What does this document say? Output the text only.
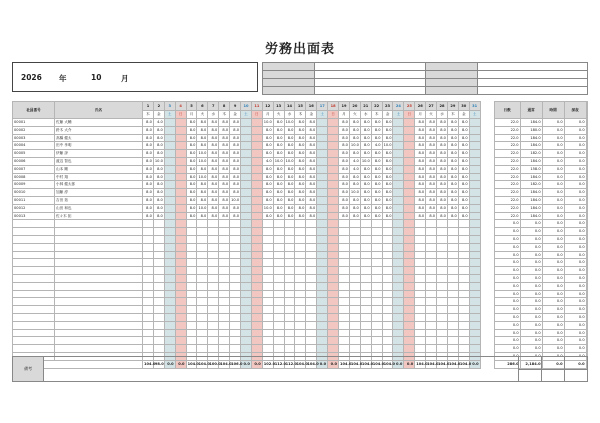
労務出面表
2026 年	10	月

社員番号	氏名	1	2	3	4	5	6	7	8	9	10	11	12	13	14	15	16	17	18	19	20	21	22	23	24	25	26	27	28	29	30	31		日数	通常	時間	深夜	
		木	金	土	日	月	火	水	木	金	土	日	月	火	水	木	金	土	日	月	火	水	木	金	土	日	月	火	水	木	金	土						
00001	佐藤 大輔	8.0	4.0			8.0	8.0	8.0	8.0	8.0			10.0	8.0	10.0	8.0	8.0			8.0	8.0	8.0	8.0	8.0			8.0	8.0	8.0	8.0	8.0			22.0	184.0	0.0	0.0	
00002	鈴木 大介	8.0	8.0			8.0	8.0	8.0	8.0	8.0			8.0	8.0	8.0	8.0	8.0			8.0	8.0	8.0	8.0	8.0			8.0	8.0	8.0	8.0	8.0			22.0	180.0	0.0	0.0	
00003	高橋 健太	8.0	8.0			8.0	8.0	8.0	8.0	8.0			8.0	8.0	8.0	8.0	8.0			8.0	8.0	8.0	8.0	8.0			8.0	8.0	8.0	8.0	8.0			22.0	184.0	0.0	0.0	
00004	田中 孝明	8.0	8.0			8.0	8.0	8.0	8.0	8.0			8.0	8.0	8.0	8.0	8.0			8.0	10.0	8.0	4.0	10.0			8.0	8.0	8.0	8.0	8.0			22.0	184.0	0.0	0.0	
00005	伊藤 諒	8.0	8.0			8.0	10.0	8.0	8.0	8.0			8.0	8.0	8.0	8.0	8.0			8.0	8.0	8.0	8.0	8.0			8.0	8.0	8.0	8.0	8.0			22.0	182.0	0.0	0.0	
00006	渡辺 智也	8.0	10.0			8.0	10.0	8.0	8.0	8.0			4.0	10.0	10.0	8.0	8.0			8.0	4.0	10.0	8.0	8.0			8.0	8.0	8.0	8.0	8.0			22.0	184.0	0.0	0.0	
00007	山本 剛	8.0	8.0			8.0	8.0	8.0	8.0	8.0			8.0	8.0	8.0	8.0	8.0			8.0	4.0	8.0	8.0	8.0			8.0	8.0	8.0	8.0	8.0			22.0	158.0	0.0	0.0	
00008	中村 翔	8.0	8.0			8.0	10.0	8.0	8.0	8.0			8.0	8.0	8.0	8.0	8.0			8.0	8.0	8.0	8.0	8.0			8.0	8.0	8.0	8.0	8.0			22.0	184.0	0.0	0.0	
00009	小林 健太郎	8.0	8.0			8.0	8.0	8.0	8.0	8.0			8.0	8.0	8.0	8.0	8.0			8.0	8.0	8.0	8.0	8.0			8.0	8.0	8.0	8.0	8.0			22.0	182.0	0.0	0.0	
00010	加藤 淳	8.0	8.0			8.0	8.0	8.0	8.0	8.0			8.0	8.0	8.0	8.0	8.0			8.0	10.0	8.0	8.0	8.0			8.0	8.0	8.0	8.0	8.0			22.0	184.0	0.0	0.0	
00011	吉田 拓	8.0	8.0			8.0	8.0	8.0	8.0	10.0			8.0	8.0	8.0	8.0	8.0			8.0	8.0	8.0	8.0	8.0			8.0	8.0	8.0	8.0	8.0			22.0	184.0	0.0	0.0	
00012	山田 和也	8.0	8.0			8.0	10.0	8.0	8.0	8.0			10.0	8.0	8.0	8.0	8.0			8.0	8.0	8.0	8.0	8.0			8.0	8.0	8.0	8.0	8.0			22.0	184.0	0.0	0.0	
00013	佐々木 拓	8.0	8.0			8.0	8.0	8.0	8.0	8.0			8.0	8.0	8.0	8.0	8.0			8.0	8.0	8.0	8.0	8.0			8.0	8.0	8.0	8.0	8.0			22.0	184.0	0.0	0.0	
																																		0.0	0.0	0.0	0.0	
																																		0.0	0.0	0.0	0.0	
																																		0.0	0.0	0.0	0.0	
																																		0.0	0.0	0.0	0.0	
																																		0.0	0.0	0.0	0.0	
																																		0.0	0.0	0.0	0.0	
																																		0.0	0.0	0.0	0.0	
																																		0.0	0.0	0.0	0.0	
																																		0.0	0.0	0.0	0.0	
																																		0.0	0.0	0.0	0.0	
																																		0.0	0.0	0.0	0.0	
																																		0.0	0.0	0.0	0.0	
																																		0.0	0.0	0.0	0.0	
																																		0.0	0.0	0.0	0.0	
																																		0.0	0.0	0.0	0.0	
																																		0.0	0.0	0.0	0.0	
																																		0.0	0.0	0.0	0.0	
																																		0.0	0.0	0.0	0.0	
	104.0	98.0	0.0	0.0	104.0	104.0	100.0	104.0	106.0	0.0	0.0	102.0	112.0	112.0	104.0	104.0	0.0	0.0	104.0	104.0	104.0	104.0	104.0	0.0	0.0	104.0	104.0	104.0	104.0	104.0	0.0		286.0	2,184.0	0.0	0.0	
備考				
